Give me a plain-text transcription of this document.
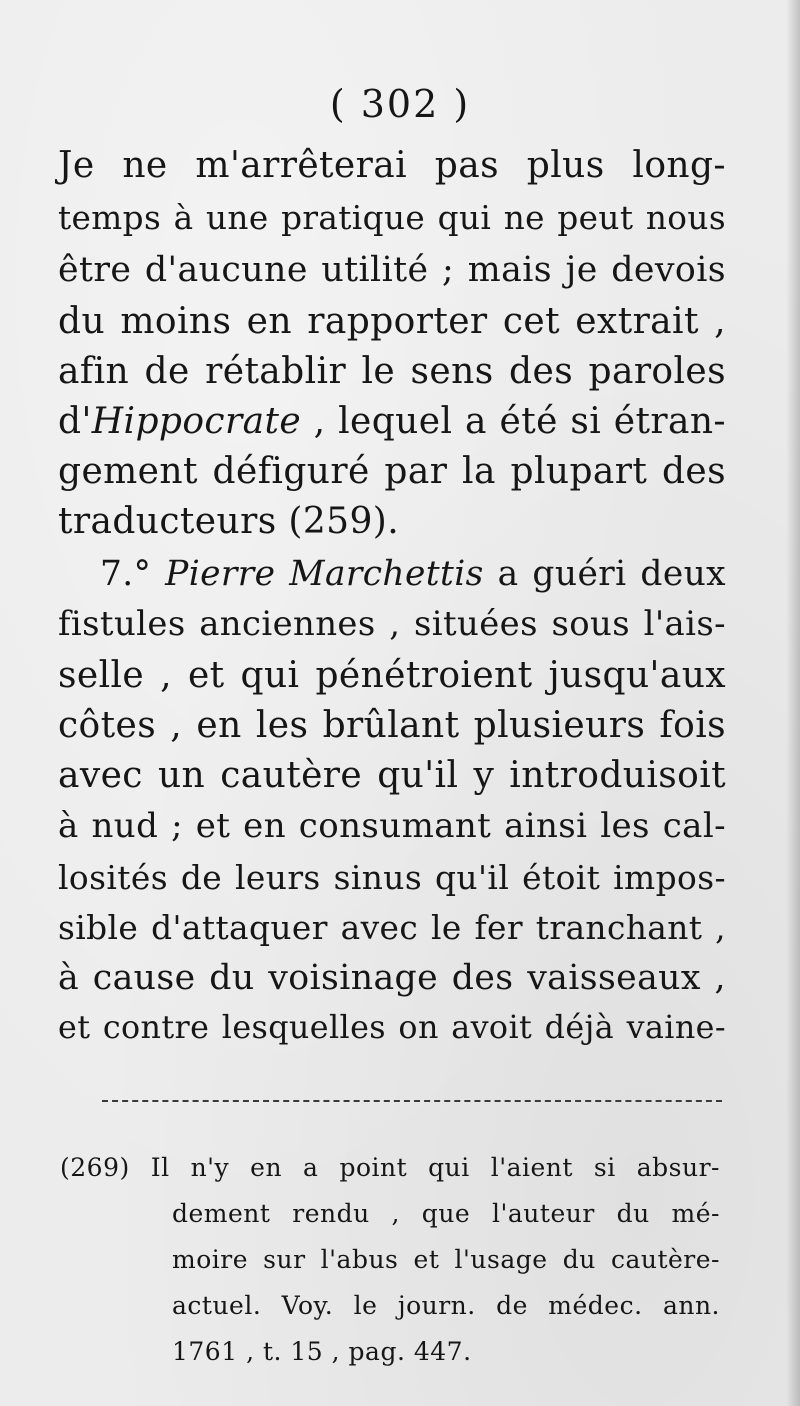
( 302 )
Je ne m'arrêterai pas plus long-
temps à une pratique qui ne peut nous
être d'aucune utilité ; mais je devois
du moins en rapporter cet extrait ,
afin de rétablir le sens des paroles
d'Hippocrate , lequel a été si étran-
gement défiguré par la plupart des
traducteurs (259).
7.° Pierre Marchettis a guéri deux
fistules anciennes , situées sous l'ais-
selle , et qui pénétroient jusqu'aux
côtes , en les brûlant plusieurs fois
avec un cautère qu'il y introduisoit
à nud ; et en consumant ainsi les cal-
losités de leurs sinus qu'il étoit impos-
sible d'attaquer avec le fer tranchant ,
à cause du voisinage des vaisseaux ,
et contre lesquelles on avoit déjà vaine-
(269) Il n'y en a point qui l'aient si absur-
dement rendu , que l'auteur du mé-
moire sur l'abus et l'usage du cautère-
actuel. Voy. le journ. de médec. ann.
1761 , t. 15 , pag. 447.
